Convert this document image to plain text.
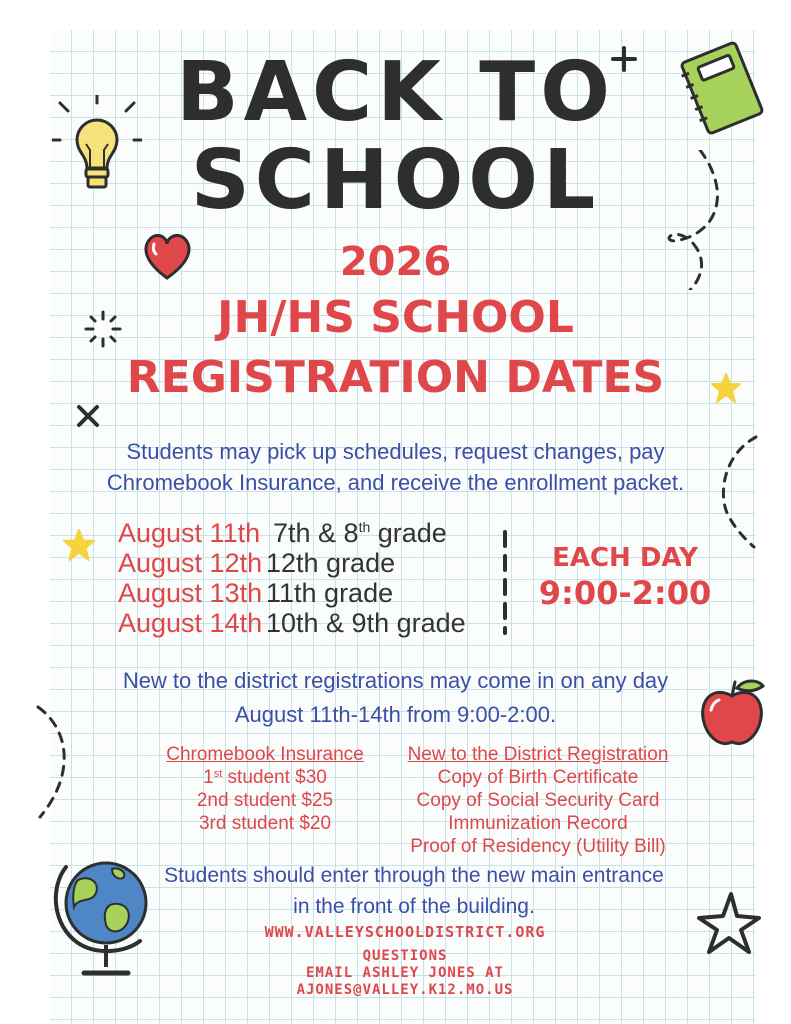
BACK TO
SCHOOL
2026
JH/HS SCHOOL
REGISTRATION DATES
Students may pick up schedules, request changes, pay
Chromebook Insurance, and receive the enrollment packet.
August 11th 7th & 8th grade
August 12th 12th grade
August 13th 11th grade
August 14th 10th & 9th grade
EACH DAY
9:00-2:00
New to the district registrations may come in on any day
August 11th-14th from 9:00-2:00.
Chromebook Insurance
1st student $30
2nd student $25
3rd student $20
New to the District Registration
Copy of Birth Certificate
Copy of Social Security Card
Immunization Record
Proof of Residency (Utility Bill)
Students should enter through the new main entrance
in the front of the building.
WWW.VALLEYSCHOOLDISTRICT.ORG
QUESTIONS
EMAIL ASHLEY JONES AT
AJONES@VALLEY.K12.MO.US
